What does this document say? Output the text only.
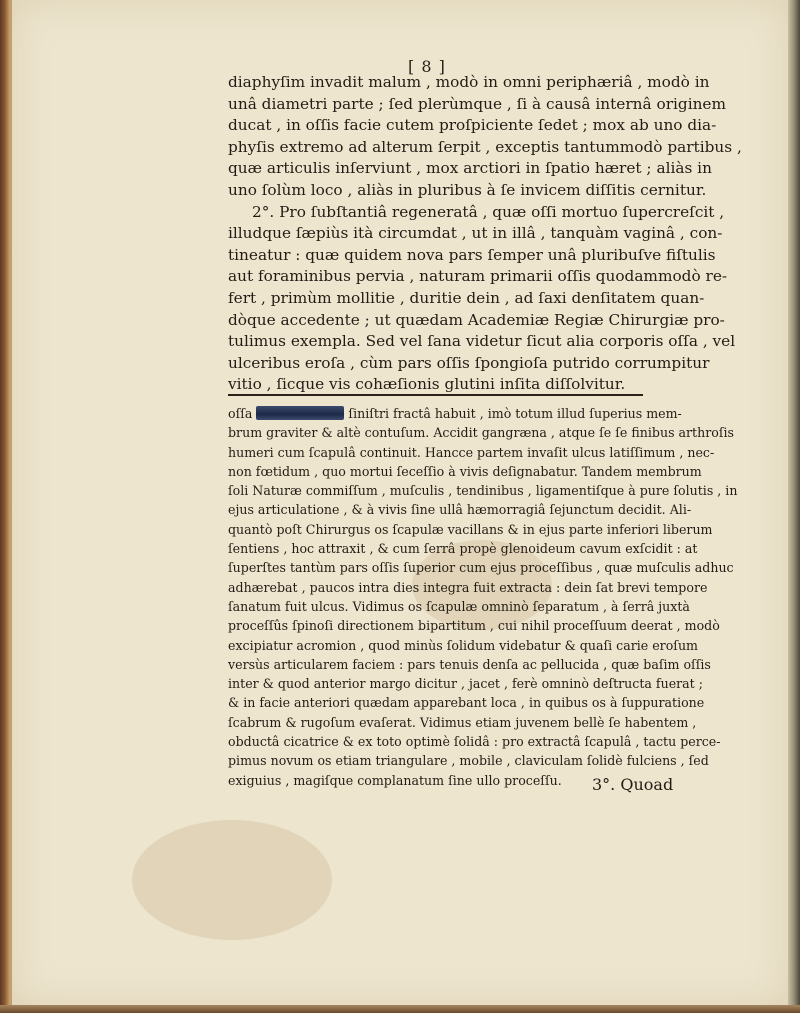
[ 8 ]
diaphyſim invadit malum , modò in omni periphæriâ , modò in
unâ diametri parte ; ſed plerùmque , ſi à causâ internâ originem
ducat , in oſſis facie cutem proſpiciente ſedet ; mox ab uno dia-
phyſis extremo ad alterum ſerpit , exceptis tantummodò partibus ,
quæ articulis inſerviunt , mox arctiori in ſpatio hæret ; aliàs in
uno ſolùm loco , aliàs in pluribus à ſe invicem diſſitis cernitur.
2°. Pro ſubſtantiâ regeneratâ , quæ oſſi mortuo ſupercreſcit ,
illudque ſæpiùs ità circumdat , ut in illâ , tanquàm vaginâ , con-
tineatur : quæ quidem nova pars ſemper unâ pluribuſve fiſtulis
aut foraminibus pervia , naturam primarii oſſis quodammodò re-
fert , primùm mollitie , duritie dein , ad ſaxi denſitatem quan-
dòque accedente ; ut quædam Academiæ Regiæ Chirurgiæ pro-
tulimus exempla. Sed vel ſana videtur ſicut alia corporis oſſa , vel
ulceribus eroſa , cùm pars oſſis ſpongioſa putrido corrumpitur
vitio , ſicque vis cohæſionis glutini inſita diſſolvitur.
oſſa	ſiniſtri fractâ habuit , imò totum illud ſuperius mem-
brum graviter & altè contuſum. Accidit gangræna , atque ſe ſe finibus arthroſis
humeri cum ſcapulâ continuit. Hancce partem invaſit ulcus latiſſimum , nec-
non fœtidum , quo mortui ſeceſſio à vivis deſignabatur. Tandem membrum
ſoli Naturæ commiſſum , muſculis , tendinibus , ligamentiſque à pure ſolutis , in
ejus articulatione , & à vivis ſine ullâ hæmorragiâ ſejunctum decidit. Ali-
quantò poſt Chirurgus os ſcapulæ vacillans & in ejus parte inferiori liberum
ſentiens , hoc attraxit , & cum ſerrâ propè glenoideum cavum exſcidit : at
ſuperſtes tantùm pars oſſis ſuperior cum ejus proceſſibus , quæ muſculis adhuc
adhærebat , paucos intra dies integra fuit extracta : dein ſat brevi tempore
ſanatum fuit ulcus. Vidimus os ſcapulæ omninò ſeparatum , à ſerrâ juxtà
proceſſûs ſpinoſi directionem bipartitum , cui nihil proceſſuum deerat , modò
excipiatur acromion , quod minùs ſolidum videbatur & quaſi carie eroſum
versùs articularem faciem : pars tenuis denſa ac pellucida , quæ baſim oſſis
inter & quod anterior margo dicitur , jacet , ferè omninò deſtructa fuerat ;
& in facie anteriori quædam apparebant loca , in quibus os à ſuppuratione
ſcabrum & rugoſum evaſerat. Vidimus etiam juvenem bellè ſe habentem ,
obductâ cicatrice & ex toto optimè ſolidâ : pro extractâ ſcapulâ , tactu perce-
pimus novum os etiam triangulare , mobile , claviculam ſolidè fulciens , ſed
exiguius , magiſque complanatum ſine ullo proceſſu.	3°. Quoad
